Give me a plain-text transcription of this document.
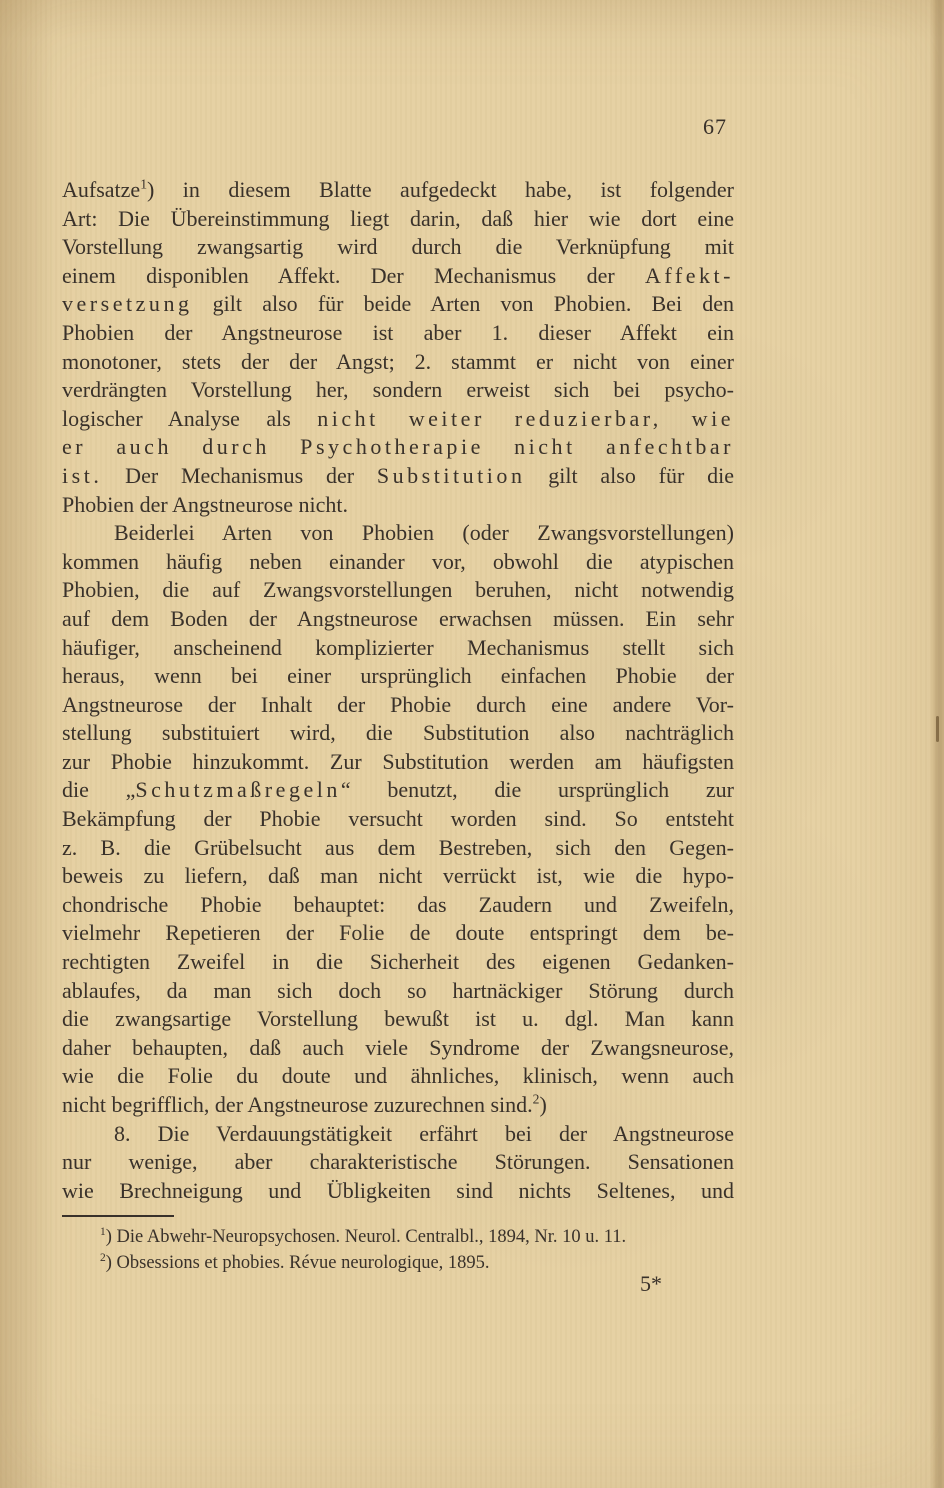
67
Aufsatze$^1$) in diesem Blatte aufgedeckt habe, ist folgender
Art: Die Übereinstimmung liegt darin, daß hier wie dort eine
Vorstellung zwangsartig wird durch die Verknüpfung mit
einem disponiblen Affekt. Der Mechanismus der Affekt-
versetzung gilt also für beide Arten von Phobien. Bei den
Phobien der Angstneurose ist aber 1. dieser Affekt ein
monotoner, stets der der Angst; 2. stammt er nicht von einer
verdrängten Vorstellung her, sondern erweist sich bei psycho-
logischer Analyse als nicht weiter reduzierbar, wie
er auch durch Psychotherapie nicht anfechtbar
ist. Der Mechanismus der Substitution gilt also für die
Phobien der Angstneurose nicht.
Beiderlei Arten von Phobien (oder Zwangsvorstellungen)
kommen häufig neben einander vor, obwohl die atypischen
Phobien, die auf Zwangsvorstellungen beruhen, nicht notwendig
auf dem Boden der Angstneurose erwachsen müssen. Ein sehr
häufiger, anscheinend komplizierter Mechanismus stellt sich
heraus, wenn bei einer ursprünglich einfachen Phobie der
Angstneurose der Inhalt der Phobie durch eine andere Vor-
stellung substituiert wird, die Substitution also nachträglich
zur Phobie hinzukommt. Zur Substitution werden am häufigsten
die „Schutzmaßregeln“ benutzt, die ursprünglich zur
Bekämpfung der Phobie versucht worden sind. So entsteht
z. B. die Grübelsucht aus dem Bestreben, sich den Gegen-
beweis zu liefern, daß man nicht verrückt ist, wie die hypo-
chondrische Phobie behauptet: das Zaudern und Zweifeln,
vielmehr Repetieren der Folie de doute entspringt dem be-
rechtigten Zweifel in die Sicherheit des eigenen Gedanken-
ablaufes, da man sich doch so hartnäckiger Störung durch
die zwangsartige Vorstellung bewußt ist u. dgl. Man kann
daher behaupten, daß auch viele Syndrome der Zwangsneurose,
wie die Folie du doute und ähnliches, klinisch, wenn auch
nicht begrifflich, der Angstneurose zuzurechnen sind.$^2$)
8. Die Verdauungstätigkeit erfährt bei der Angstneurose
nur wenige, aber charakteristische Störungen. Sensationen
wie Brechneigung und Übligkeiten sind nichts Seltenes, und
$^1$) Die Abwehr-Neuropsychosen. Neurol. Centralbl., 1894, Nr. 10 u. 11.
$^2$) Obsessions et phobies. Révue neurologique, 1895.
5*
